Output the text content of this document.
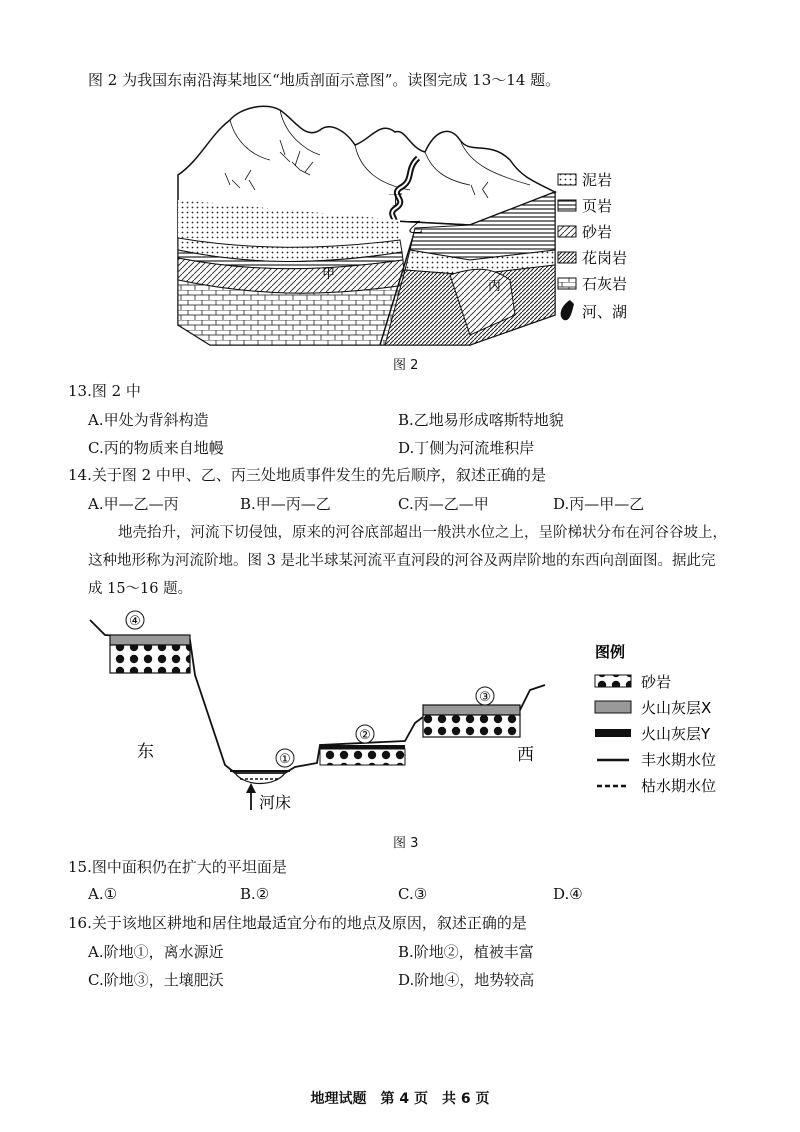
图 2 为我国东南沿海某地区“地质剖面示意图”。读图完成 13～14 题。
丁
乙
甲
丙
泥岩
页岩
砂岩
花岗岩
石灰岩
河、湖
图 2
13.图 2 中
A.甲处为背斜构造	B.乙地易形成喀斯特地貌
C.丙的物质来自地幔	D.丁侧为河流堆积岸
14.关于图 2 中甲、乙、丙三处地质事件发生的先后顺序，叙述正确的是
A.甲—乙—丙	B.甲—丙—乙	C.丙—乙—甲	D.丙—甲—乙
地壳抬升，河流下切侵蚀，原来的河谷底部超出一般洪水位之上，呈阶梯状分布在河谷谷坡上，这种地形称为河流阶地。图 3 是北半球某河流平直河段的河谷及两岸阶地的东西向剖面图。据此完成 15～16 题。
④
①
②
③
东	西
河床
图例
砂岩
火山灰层X
火山灰层Y
丰水期水位
枯水期水位
图 3
15.图中面积仍在扩大的平坦面是
A.①	B.②	C.③	D.④
16.关于该地区耕地和居住地最适宜分布的地点及原因，叙述正确的是
A.阶地①，离水源近	B.阶地②，植被丰富
C.阶地③，土壤肥沃	D.阶地④，地势较高
地理试题　第 4 页　共 6 页
